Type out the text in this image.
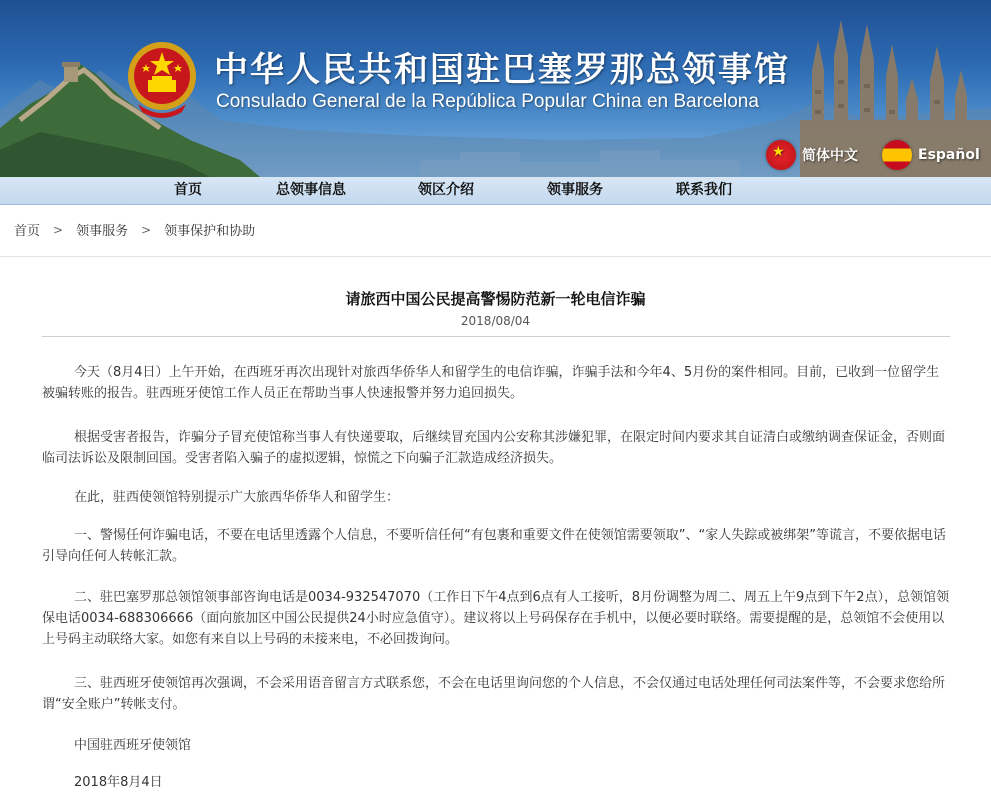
中华人民共和国驻巴塞罗那总领事馆
Consulado General de la República Popular China en Barcelona
★
简体中文	Español
首页	总领事信息	领区介绍	领事服务	联系我们
首页 > 领事服务 > 领事保护和协助
请旅西中国公民提高警惕防范新一轮电信诈骗
2018/08/04

今天（8月4日）上午开始，在西班牙再次出现针对旅西华侨华人和留学生的电信诈骗，诈骗手法和今年4、5月份的案件相同。目前，已收到一位留学生被骗转账的报告。驻西班牙使馆工作人员正在帮助当事人快速报警并努力追回损失。

根据受害者报告，诈骗分子冒充使馆称当事人有快递要取，后继续冒充国内公安称其涉嫌犯罪，在限定时间内要求其自证清白或缴纳调查保证金，否则面临司法诉讼及限制回国。受害者陷入骗子的虚拟逻辑，惊慌之下向骗子汇款造成经济损失。

在此，驻西使领馆特别提示广大旅西华侨华人和留学生：

一、警惕任何诈骗电话，不要在电话里透露个人信息，不要听信任何“有包裹和重要文件在使领馆需要领取”、“家人失踪或被绑架”等谎言，不要依据电话引导向任何人转帐汇款。

二、驻巴塞罗那总领馆领事部咨询电话是0034-932547070（工作日下午4点到6点有人工接听，8月份调整为周二、周五上午9点到下午2点），总领馆领保电话0034-688306666（面向旅加区中国公民提供24小时应急值守）。建议将以上号码保存在手机中，以便必要时联络。需要提醒的是，总领馆不会使用以上号码主动联络大家。如您有来自以上号码的未接来电，不必回拨询问。

三、驻西班牙使领馆再次强调，不会采用语音留言方式联系您，不会在电话里询问您的个人信息，不会仅通过电话处理任何司法案件等，不会要求您给所谓“安全账户”转帐支付。

中国驻西班牙使领馆

2018年8月4日
